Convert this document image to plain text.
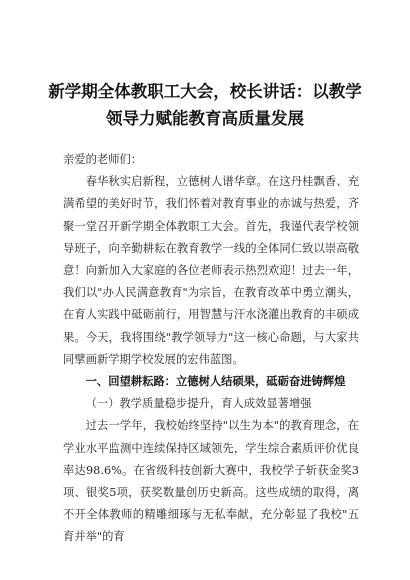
新学期全体教职工大会，校长讲话：以教学
领导力赋能教育高质量发展

亲爱的老师们：

春华秋实启新程，立德树人谱华章。在这丹桂飘香、充满希望的美好时节，我们怀着对教育事业的赤诚与热爱，齐聚一堂召开新学期全体教职工大会。首先，我谨代表学校领导班子，向辛勤耕耘在教育教学一线的全体同仁致以崇高敬意！向新加入大家庭的各位老师表示热烈欢迎！过去一年，我们以"办人民满意教育"为宗旨，在教育改革中勇立潮头，在育人实践中砥砺前行，用智慧与汗水浇灌出教育的丰硕成果。今天，我将围绕"教学领导力"这一核心命题，与大家共同擘画新学期学校发展的宏伟蓝图。

一、回望耕耘路：立德树人结硕果，砥砺奋进铸辉煌

（一）教学质量稳步提升，育人成效显著增强

过去一学年，我校始终坚持"以生为本"的教育理念，在学业水平监测中连续保持区域领先，学生综合素质评价优良率达98.6%。在省级科技创新大赛中，我校学子斩获金奖3项、银奖5项，获奖数量创历史新高。这些成绩的取得，离不开全体教师的精雕细琢与无私奉献，充分彰显了我校"五育并举"的育
